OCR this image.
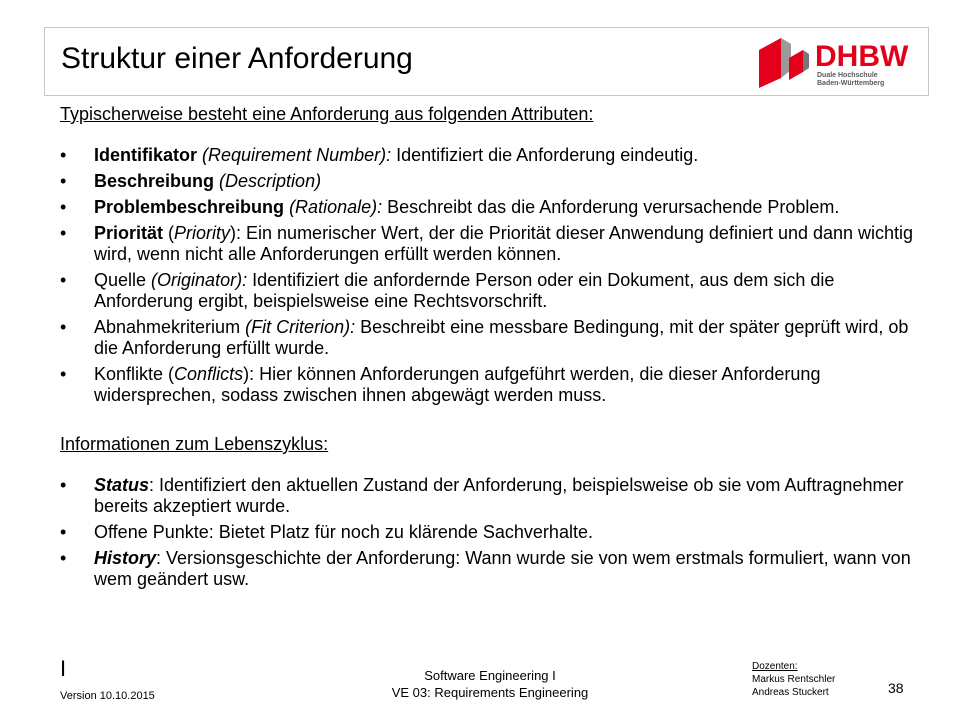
Struktur einer Anforderung	DHBW
Duale Hochschule
Baden-Württemberg

Typischerweise besteht eine Anforderung aus folgenden Attributen:

• Identifikator (Requirement Number): Identifiziert die Anforderung eindeutig.
• Beschreibung (Description)
• Problembeschreibung (Rationale): Beschreibt das die Anforderung verursachende Problem.
• Priorität (Priority): Ein numerischer Wert, der die Priorität dieser Anwendung definiert und dann wichtig wird, wenn nicht alle Anforderungen erfüllt werden können.
• Quelle (Originator): Identifiziert die anfordernde Person oder ein Dokument, aus dem sich die Anforderung ergibt, beispielsweise eine Rechtsvorschrift.
• Abnahmekriterium (Fit Criterion): Beschreibt eine messbare Bedingung, mit der später geprüft wird, ob die Anforderung erfüllt wurde.
• Konflikte (Conflicts): Hier können Anforderungen aufgeführt werden, die dieser Anforderung widersprechen, sodass zwischen ihnen abgewägt werden muss.

Informationen zum Lebenszyklus:

• Status: Identifiziert den aktuellen Zustand der Anforderung, beispielsweise ob sie vom Auftragnehmer bereits akzeptiert wurde.
• Offene Punkte: Bietet Platz für noch zu klärende Sachverhalte.
• History: Versionsgeschichte der Anforderung: Wann wurde sie von wem erstmals formuliert, wann von wem geändert usw.
I
Version 10.10.2015
Software Engineering I
VE 03: Requirements Engineering
Dozenten:
Markus Rentschler
Andreas Stuckert	38
